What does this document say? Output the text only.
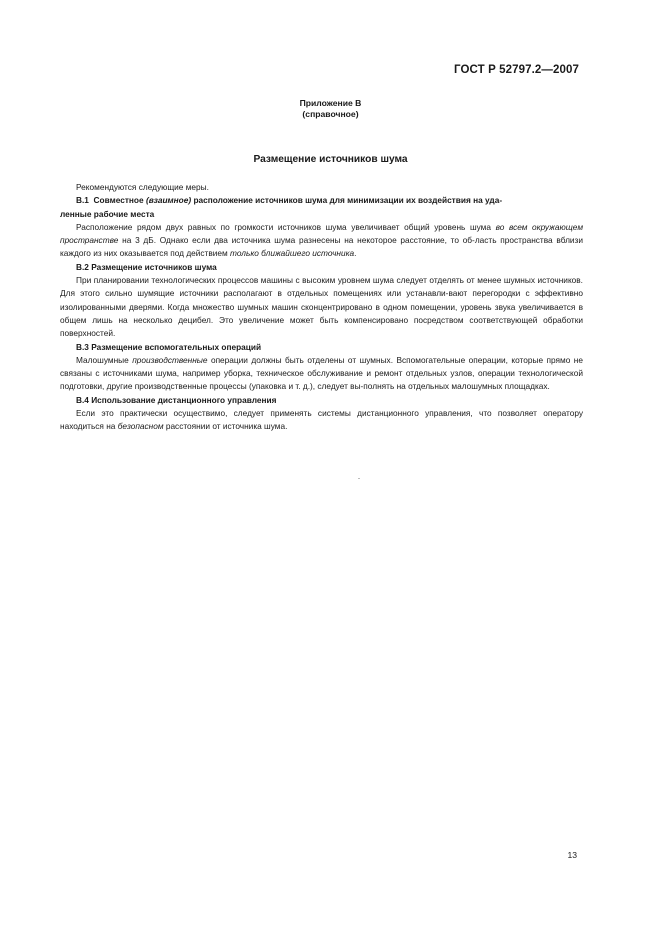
ГОСТ Р 52797.2—2007
Приложение В
(справочное)
Размещение источников шума

Рекомендуются следующие меры.

В.1 Совместное (взаимное) расположение источников шума для минимизации их воздействия на уда-

ленные рабочие места

Расположение рядом двух равных по громкости источников шума увеличивает общий уровень шума во всем окружающем пространстве на 3 дБ. Однако если два источника шума разнесены на некоторое расстояние, то об-ласть пространства вблизи каждого из них оказывается под действием только ближайшего источника.

В.2 Размещение источников шума

При планировании технологических процессов машины с высоким уровнем шума следует отделять от менее шумных источников. Для этого сильно шумящие источники располагают в отдельных помещениях или устанавли-вают перегородки с эффективно изолированными дверями. Когда множество шумных машин сконцентрировано в одном помещении, уровень звука увеличивается в общем лишь на несколько децибел. Это увеличение может быть компенсировано посредством соответствующей обработки поверхностей.

В.3 Размещение вспомогательных операций

Малошумные производственные операции должны быть отделены от шумных. Вспомогательные операции, которые прямо не связаны с источниками шума, например уборка, техническое обслуживание и ремонт отдельных узлов, операции технологической подготовки, другие производственные процессы (упаковка и т. д.), следует вы-полнять на отдельных малошумных площадках.

В.4 Использование дистанционного управления

Если это практически осуществимо, следует применять системы дистанционного управления, что позволяет оператору находиться на безопасном расстоянии от источника шума.

13
